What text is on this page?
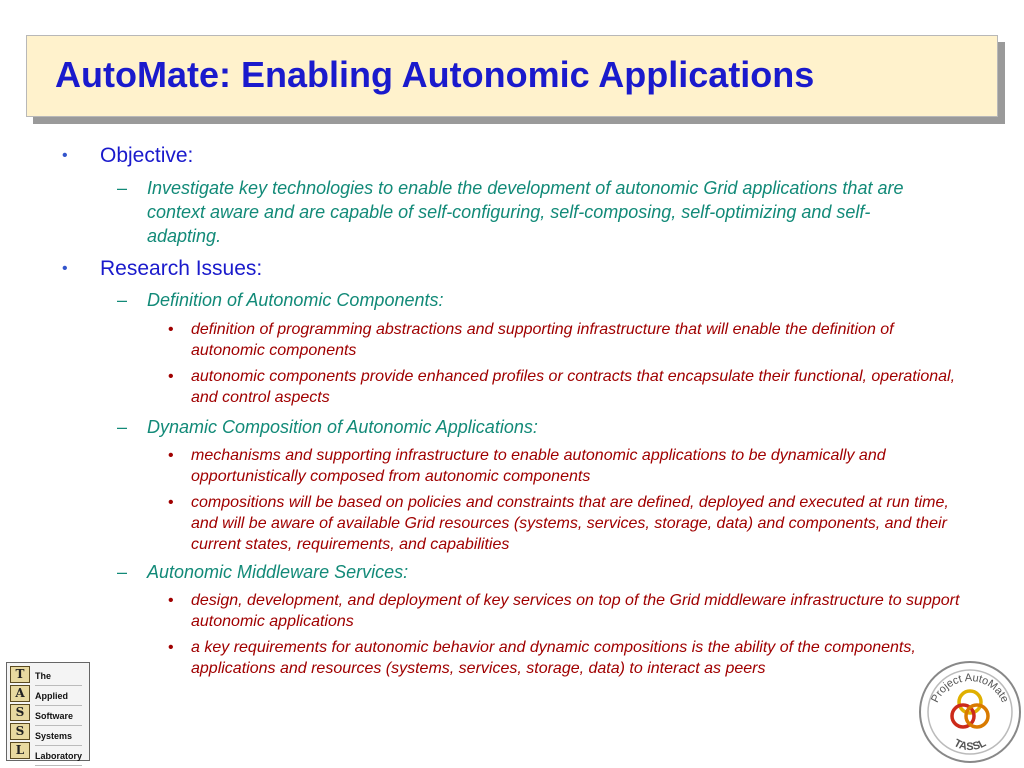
AutoMate: Enabling Autonomic Applications
• Objective:
– Investigate key technologies to enable the development of autonomic Grid applications that are context aware and are capable of self-configuring, self-composing, self-optimizing and self-adapting.
• Research Issues:
– Definition of Autonomic Components:
• definition of programming abstractions and supporting infrastructure that will enable the definition of autonomic components
• autonomic components provide enhanced profiles or contracts that encapsulate their functional, operational, and control aspects
– Dynamic Composition of Autonomic Applications:
• mechanisms and supporting infrastructure to enable autonomic applications to be dynamically and opportunistically composed from autonomic components
• compositions will be based on policies and constraints that are defined, deployed and executed at run time, and will be aware of available Grid resources (systems, services, storage, data) and components, and their current states, requirements, and capabilities
– Autonomic Middleware Services:
• design, development, and deployment of key services on top of the Grid middleware infrastructure to support autonomic applications
• a key requirements for autonomic behavior and dynamic compositions is the ability of the components, applications and resources (systems, services, storage, data) to interact as peers
T
A
S
S
L
The
Applied
Software
Systems
Laboratory
Project AutoMate
TASSL
